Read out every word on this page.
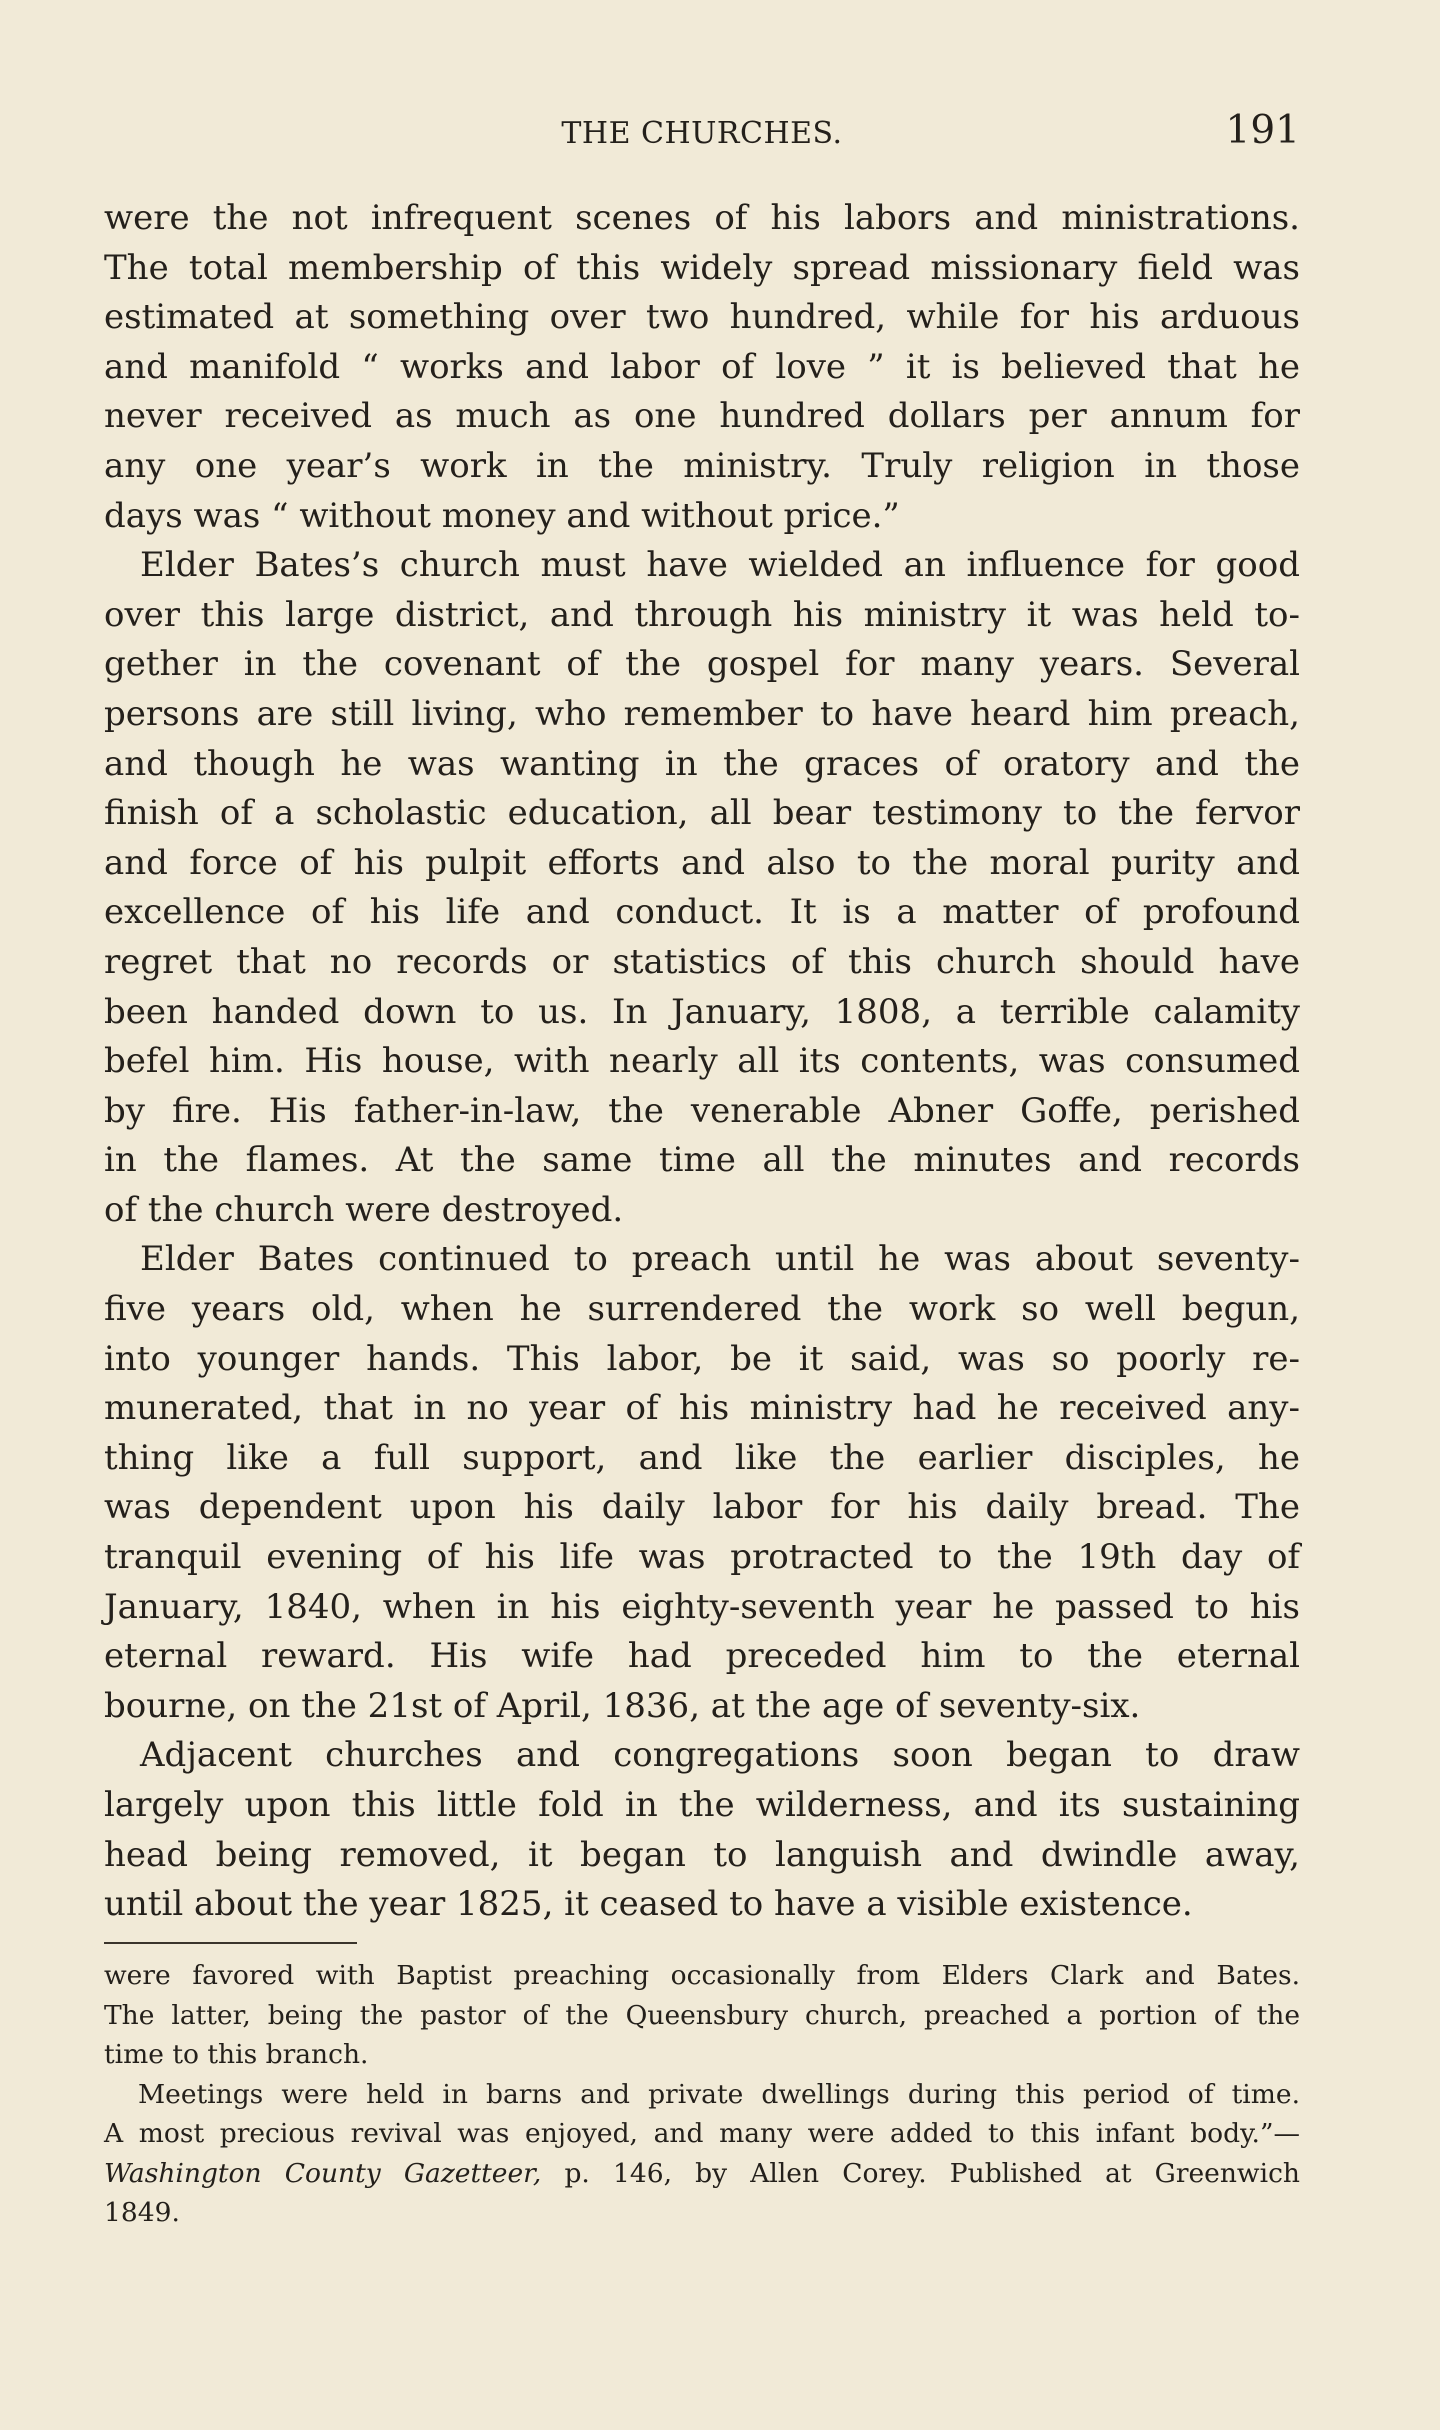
THE CHURCHES.	191
were the not infrequent scenes of his labors and ministrations.
The total membership of this widely spread missionary field was
estimated at something over two hundred, while for his arduous
and manifold “ works and labor of love ” it is believed that he
never received as much as one hundred dollars per annum for
any one year’s work in the ministry. Truly religion in those
days was “ without money and without price.”
Elder Bates’s church must have wielded an influence for good
over this large district, and through his ministry it was held to-
gether in the covenant of the gospel for many years. Several
persons are still living, who remember to have heard him preach,
and though he was wanting in the graces of oratory and the
finish of a scholastic education, all bear testimony to the fervor
and force of his pulpit efforts and also to the moral purity and
excellence of his life and conduct. It is a matter of profound
regret that no records or statistics of this church should have
been handed down to us. In January, 1808, a terrible calamity
befel him. His house, with nearly all its contents, was consumed
by fire. His father-in-law, the venerable Abner Goffe, perished
in the flames. At the same time all the minutes and records
of the church were destroyed.
Elder Bates continued to preach until he was about seventy-
five years old, when he surrendered the work so well begun,
into younger hands. This labor, be it said, was so poorly re-
munerated, that in no year of his ministry had he received any-
thing like a full support, and like the earlier disciples, he
was dependent upon his daily labor for his daily bread. The
tranquil evening of his life was protracted to the 19th day of
January, 1840, when in his eighty-seventh year he passed to his
eternal reward. His wife had preceded him to the eternal
bourne, on the 21st of April, 1836, at the age of seventy-six.
Adjacent churches and congregations soon began to draw
largely upon this little fold in the wilderness, and its sustaining
head being removed, it began to languish and dwindle away,
until about the year 1825, it ceased to have a visible existence.
were favored with Baptist preaching occasionally from Elders Clark and Bates.
The latter, being the pastor of the Queensbury church, preached a portion of the
time to this branch.
Meetings were held in barns and private dwellings during this period of time.
A most precious revival was enjoyed, and many were added to this infant body.”—
Washington County Gazetteer, p. 146, by Allen Corey. Published at Greenwich
1849.
